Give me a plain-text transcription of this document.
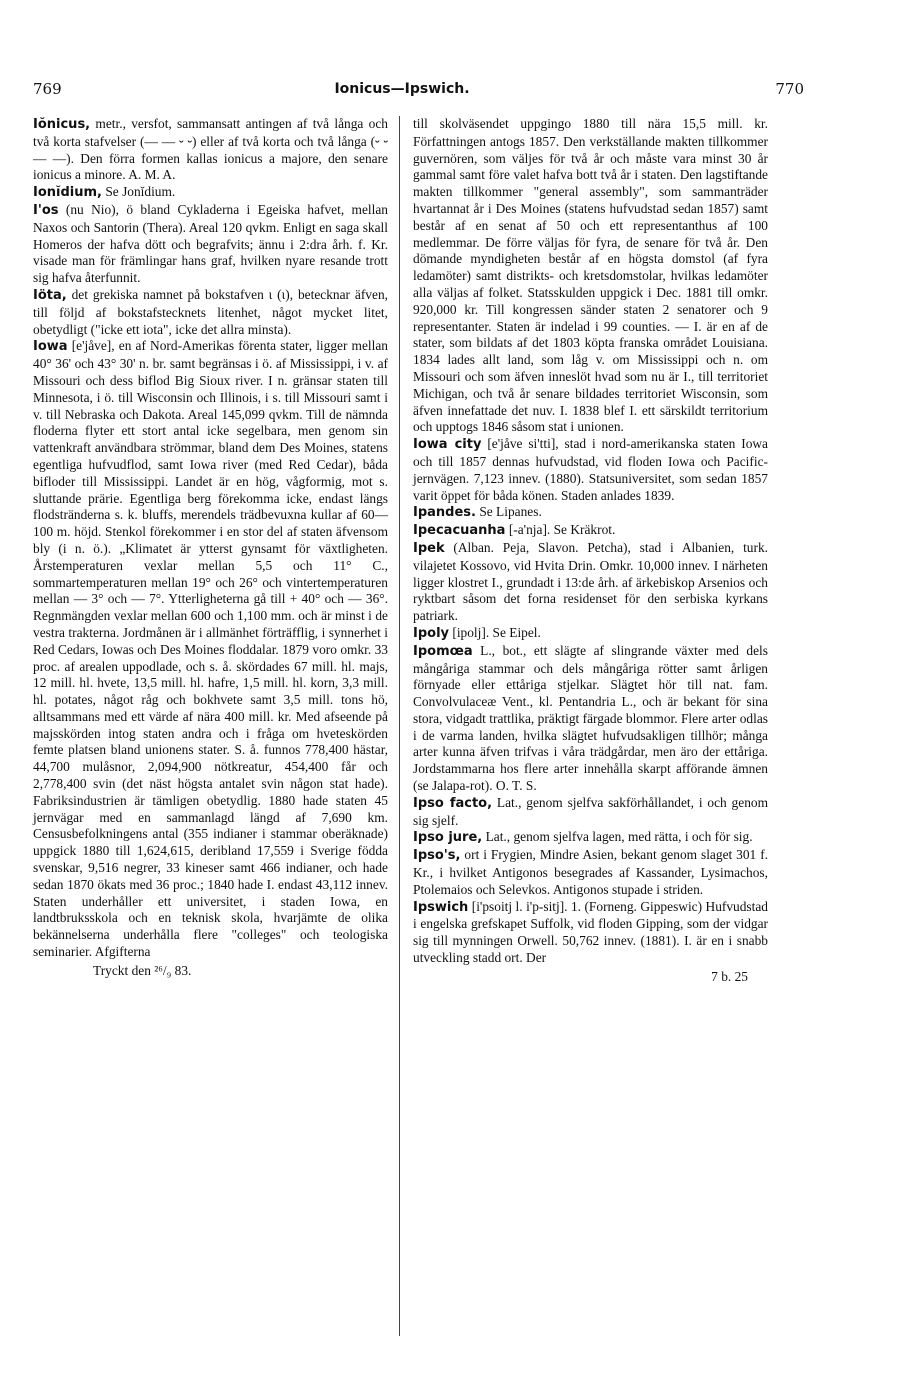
769	Ionicus—Ipswich.	770

Iŏnicus, metr., versfot, sammansatt antingen af två långa och två korta stafvelser (— — ⏑ ⏑) eller af två korta och två långa (⏑ ⏑ — —). Den förra formen kallas ionicus a majore, den senare ionicus a minore. A. M. A.

Ionĭdium, Se Jonĭdium.

I'os (nu Nio), ö bland Cykladerna i Egeiska hafvet, mellan Naxos och Santorin (Thera). Areal 120 qvkm. Enligt en saga skall Homeros der hafva dött och begrafvits; ännu i 2:dra årh. f. Kr. visade man för främlingar hans graf, hvilken nyare resande trott sig hafva återfunnit.

Iöta, det grekiska namnet på bokstafven ι (ι), betecknar äfven, till följd af bokstafstecknets litenhet, något mycket litet, obetydligt ("icke ett iota", icke det allra minsta).

Iowa [e'jåve], en af Nord-Amerikas förenta stater, ligger mellan 40° 36' och 43° 30' n. br. samt begränsas i ö. af Mississippi, i v. af Missouri och dess biflod Big Sioux river. I n. gränsar staten till Minnesota, i ö. till Wisconsin och Illinois, i s. till Missouri samt i v. till Nebraska och Dakota. Areal 145,099 qvkm. Till de nämnda floderna flyter ett stort antal icke segelbara, men genom sin vattenkraft användbara strömmar, bland dem Des Moines, statens egentliga hufvudflod, samt Iowa river (med Red Cedar), båda bifloder till Mississippi. Landet är en hög, vågformig, mot s. sluttande prärie. Egentliga berg förekomma icke, endast längs flodstränderna s. k. bluffs, merendels trädbevuxna kullar af 60—100 m. höjd. Stenkol förekommer i en stor del af staten äfvensom bly (i n. ö.). „Klimatet är ytterst gynsamt för växtligheten. Årstemperaturen vexlar mellan 5,5 och 11° C., sommartemperaturen mellan 19° och 26° och vintertemperaturen mellan — 3° och — 7°. Ytterligheterna gå till + 40° och — 36°. Regnmängden vexlar mellan 600 och 1,100 mm. och är minst i de vestra trakterna. Jordmånen är i allmänhet förträfflig, i synnerhet i Red Cedars, Iowas och Des Moines floddalar. 1879 voro omkr. 33 proc. af arealen uppodlade, och s. å. skördades 67 mill. hl. majs, 12 mill. hl. hvete, 13,5 mill. hl. hafre, 1,5 mill. hl. korn, 3,3 mill. hl. potates, något råg och bokhvete samt 3,5 mill. tons hö, alltsammans med ett värde af nära 400 mill. kr. Med afseende på majsskörden intog staten andra och i fråga om hveteskörden femte platsen bland unionens stater. S. å. funnos 778,400 hästar, 44,700 mulåsnor, 2,094,900 nötkreatur, 454,400 får och 2,778,400 svin (det näst högsta antalet svin någon stat hade). Fabriksindustrien är tämligen obetydlig. 1880 hade staten 45 jernvägar med en sammanlagd längd af 7,690 km. Censusbefolkningens antal (355 indianer i stammar oberäknade) uppgick 1880 till 1,624,615, deribland 17,559 i Sverige födda svenskar, 9,516 negrer, 33 kineser samt 466 indianer, och hade sedan 1870 ökats med 36 proc.; 1840 hade I. endast 43,112 innev. Staten underhåller ett universitet, i staden Iowa, en landtbruksskola och en teknisk skola, hvarjämte de olika bekännelserna underhålla flere "colleges" och teologiska seminarier. Afgifterna

Tryckt den ²⁶/₉ 83.

till skolväsendet uppgingo 1880 till nära 15,5 mill. kr. Författningen antogs 1857. Den verkställande makten tillkommer guvernören, som väljes för två år och måste vara minst 30 år gammal samt före valet hafva bott två år i staten. Den lagstiftande makten tillkommer "general assembly", som sammanträder hvartannat år i Des Moines (statens hufvudstad sedan 1857) samt består af en senat af 50 och ett representanthus af 100 medlemmar. De förre väljas för fyra, de senare för två år. Den dömande myndigheten består af en högsta domstol (af fyra ledamöter) samt distrikts- och kretsdomstolar, hvilkas ledamöter alla väljas af folket. Statsskulden uppgick i Dec. 1881 till omkr. 920,000 kr. Till kongressen sänder staten 2 senatorer och 9 representanter. Staten är indelad i 99 counties. — I. är en af de stater, som bildats af det 1803 köpta franska området Louisiana. 1834 lades allt land, som låg v. om Mississippi och n. om Missouri och som äfven inneslöt hvad som nu är I., till territoriet Michigan, och två år senare bildades territoriet Wisconsin, som äfven innefattade det nuv. I. 1838 blef I. ett särskildt territorium och upptogs 1846 såsom stat i unionen.

Iowa city [e'jåve si'tti], stad i nord-amerikanska staten Iowa och till 1857 dennas hufvudstad, vid floden Iowa och Pacific-jernvägen. 7,123 innev. (1880). Statsuniversitet, som sedan 1857 varit öppet för båda könen. Staden anlades 1839.

Ipandes. Se Lipanes.

Ipecacuanha [-a'nja]. Se Kräkrot.

Ipek (Alban. Peja, Slavon. Petcha), stad i Albanien, turk. vilajetet Kossovo, vid Hvita Drin. Omkr. 10,000 innev. I närheten ligger klostret I., grundadt i 13:de årh. af ärkebiskop Arsenios och ryktbart såsom det forna residenset för den serbiska kyrkans patriark.

Ipoly [ipolj]. Se Eipel.

Ipomœa L., bot., ett slägte af slingrande växter med dels mångåriga stammar och dels mångåriga rötter samt årligen förnyade eller ettåriga stjelkar. Slägtet hör till nat. fam. Convolvulaceæ Vent., kl. Pentandria L., och är bekant för sina stora, vidgadt trattlika, präktigt färgade blommor. Flere arter odlas i de varma landen, hvilka slägtet hufvudsakligen tillhör; många arter kunna äfven trifvas i våra trädgårdar, men äro der ettåriga. Jordstammarna hos flere arter innehålla skarpt afförande ämnen (se Jalapa-rot). O. T. S.

Ipso facto, Lat., genom sjelfva sakförhållandet, i och genom sig sjelf.

Ipso jure, Lat., genom sjelfva lagen, med rätta, i och för sig.

Ipso's, ort i Frygien, Mindre Asien, bekant genom slaget 301 f. Kr., i hvilket Antigonos besegrades af Kassander, Lysimachos, Ptolemaios och Selevkos. Antigonos stupade i striden.

Ipswich [i'psoitj l. i'p-sitj]. 1. (Forneng. Gippeswic) Hufvudstad i engelska grefskapet Suffolk, vid floden Gipping, som der vidgar sig till mynningen Orwell. 50,762 innev. (1881). I. är en i snabb utveckling stadd ort. Der

7 b. 25
